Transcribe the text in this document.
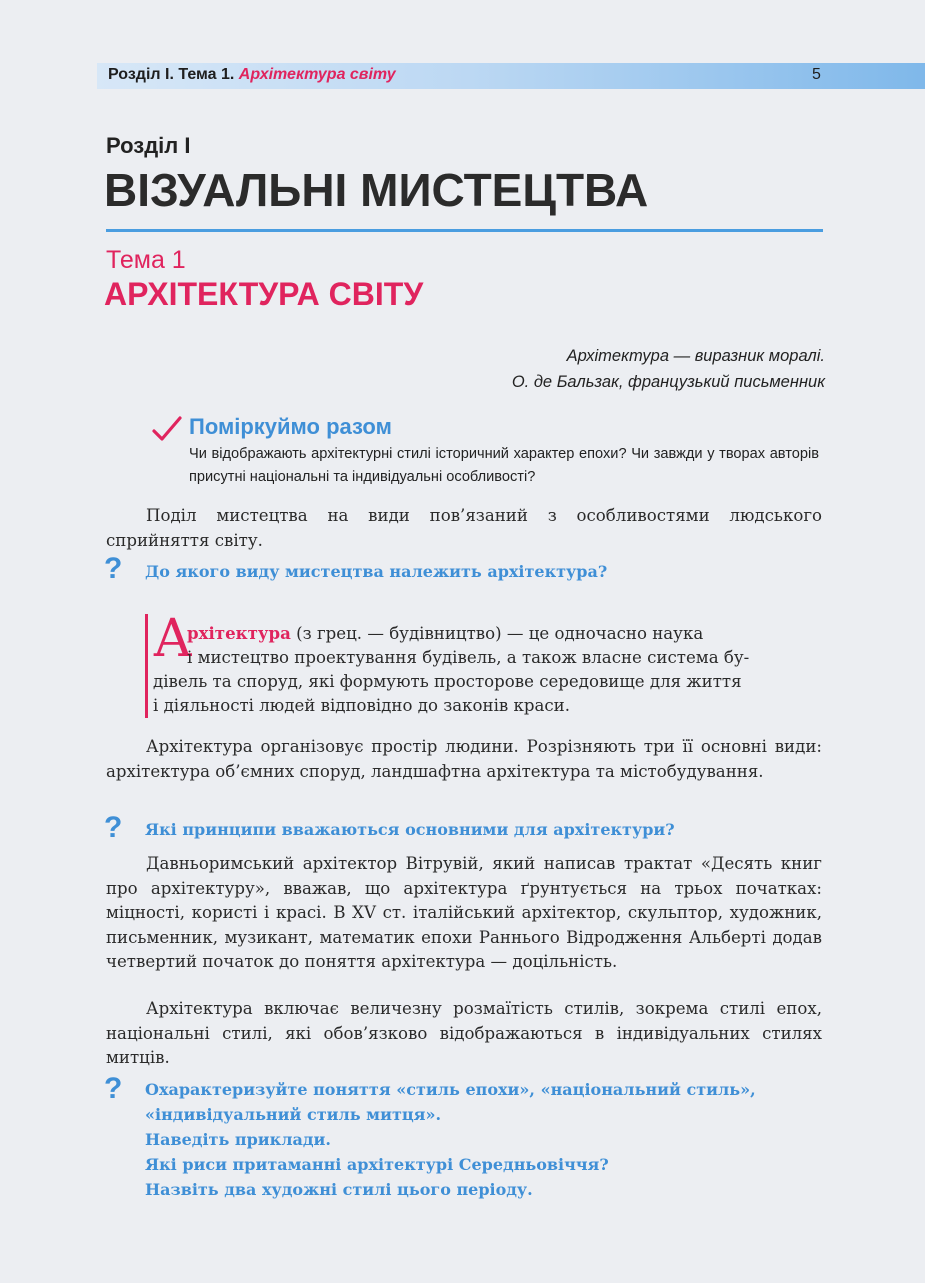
Розділ І. Тема 1. Архітектура світу	5
Розділ І
ВІЗУАЛЬНІ МИСТЕЦТВА
Тема 1
АРХІТЕКТУРА СВІТУ
Архітектура — виразник моралі.
О. де Бальзак, французький письменник
Поміркуймо разом
Чи відображають архітектурні стилі історичний характер епохи? Чи завжди у творах авторів присутні національні та індивідуальні особливості?
Поділ мистецтва на види пов’язаний з особливостями людського сприйняття світу.
? До якого виду мистецтва належить архітектура?
А
рхітектура (з грец. — будівництво) — це одночасно наука
і мистецтво проектування будівель, а також власне система бу-
дівель та споруд, які формують просторове середовище для життя
і діяльності людей відповідно до законів краси.
Архітектура організовує простір людини. Розрізняють три її основні види: архітектура об’ємних споруд, ландшафтна архітектура та містобудування.
? Які принципи вважаються основними для архітектури?
Давньоримський архітектор Вітрувій, який написав трактат «Десять книг про архітектуру», вважав, що архітектура ґрунтується на трьох початках: міцності, користі і красі. В XV ст. італійський архітектор, скульптор, художник, письменник, музикант, математик епохи Раннього Відродження Альберті додав четвертий початок до поняття архітектура — доцільність.
Архітектура включає величезну розмаїтість стилів, зокрема стилі епох, національні стилі, які обов’язково відображаються в індивідуальних стилях митців.
? Охарактеризуйте поняття «стиль епохи», «національний стиль»,
«індивідуальний стиль митця».
Наведіть приклади.
Які риси притаманні архітектурі Середньовіччя?
Назвіть два художні стилі цього періоду.
